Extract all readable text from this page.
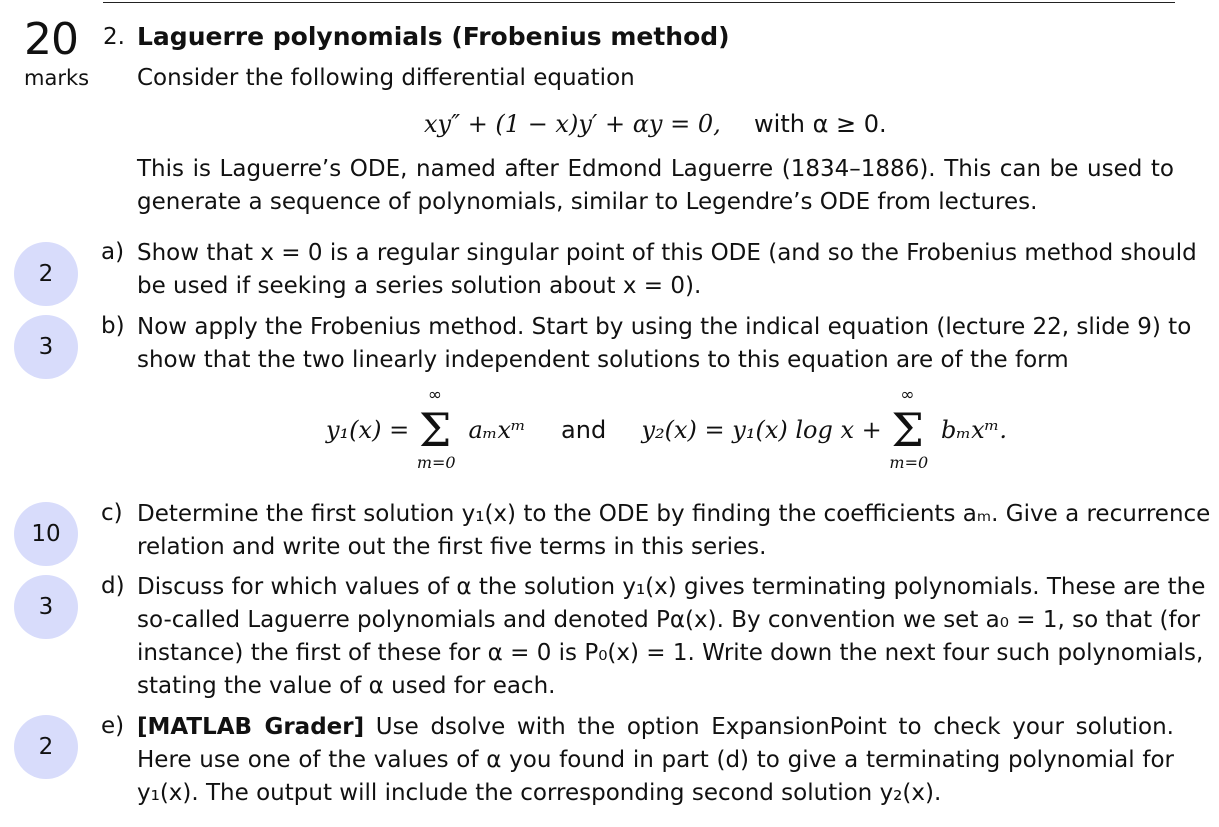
20
marks
2. Laguerre polynomials (Frobenius method)
Consider the following differential equation
xy″ + (1 − x)y′ + αy = 0, with α ≥ 0.
This is Laguerre’s ODE, named after Edmond Laguerre (1834–1886). This can be used to
generate a sequence of polynomials, similar to Legendre’s ODE from lectures.
2
a) Show that x = 0 is a regular singular point of this ODE (and so the Frobenius method should
be used if seeking a series solution about x = 0).
3
b) Now apply the Frobenius method. Start by using the indical equation (lecture 22, slide 9) to
show that the two linearly independent solutions to this equation are of the form
y₁(x) =
∞
Σ
m=0
aₘxᵐ and y₂(x) = y₁(x) log x +
∞
Σ
m=0
bₘxᵐ.
10
c) Determine the first solution y₁(x) to the ODE by finding the coefficients aₘ. Give a recurrence
relation and write out the first five terms in this series.
3
d) Discuss for which values of α the solution y₁(x) gives terminating polynomials. These are the
so-called Laguerre polynomials and denoted Pα(x). By convention we set a₀ = 1, so that (for
instance) the first of these for α = 0 is P₀(x) = 1. Write down the next four such polynomials,
stating the value of α used for each.
2
e) [MATLAB Grader] Use dsolve with the option ExpansionPoint to check your solution.
Here use one of the values of α you found in part (d) to give a terminating polynomial for
y₁(x). The output will include the corresponding second solution y₂(x).
